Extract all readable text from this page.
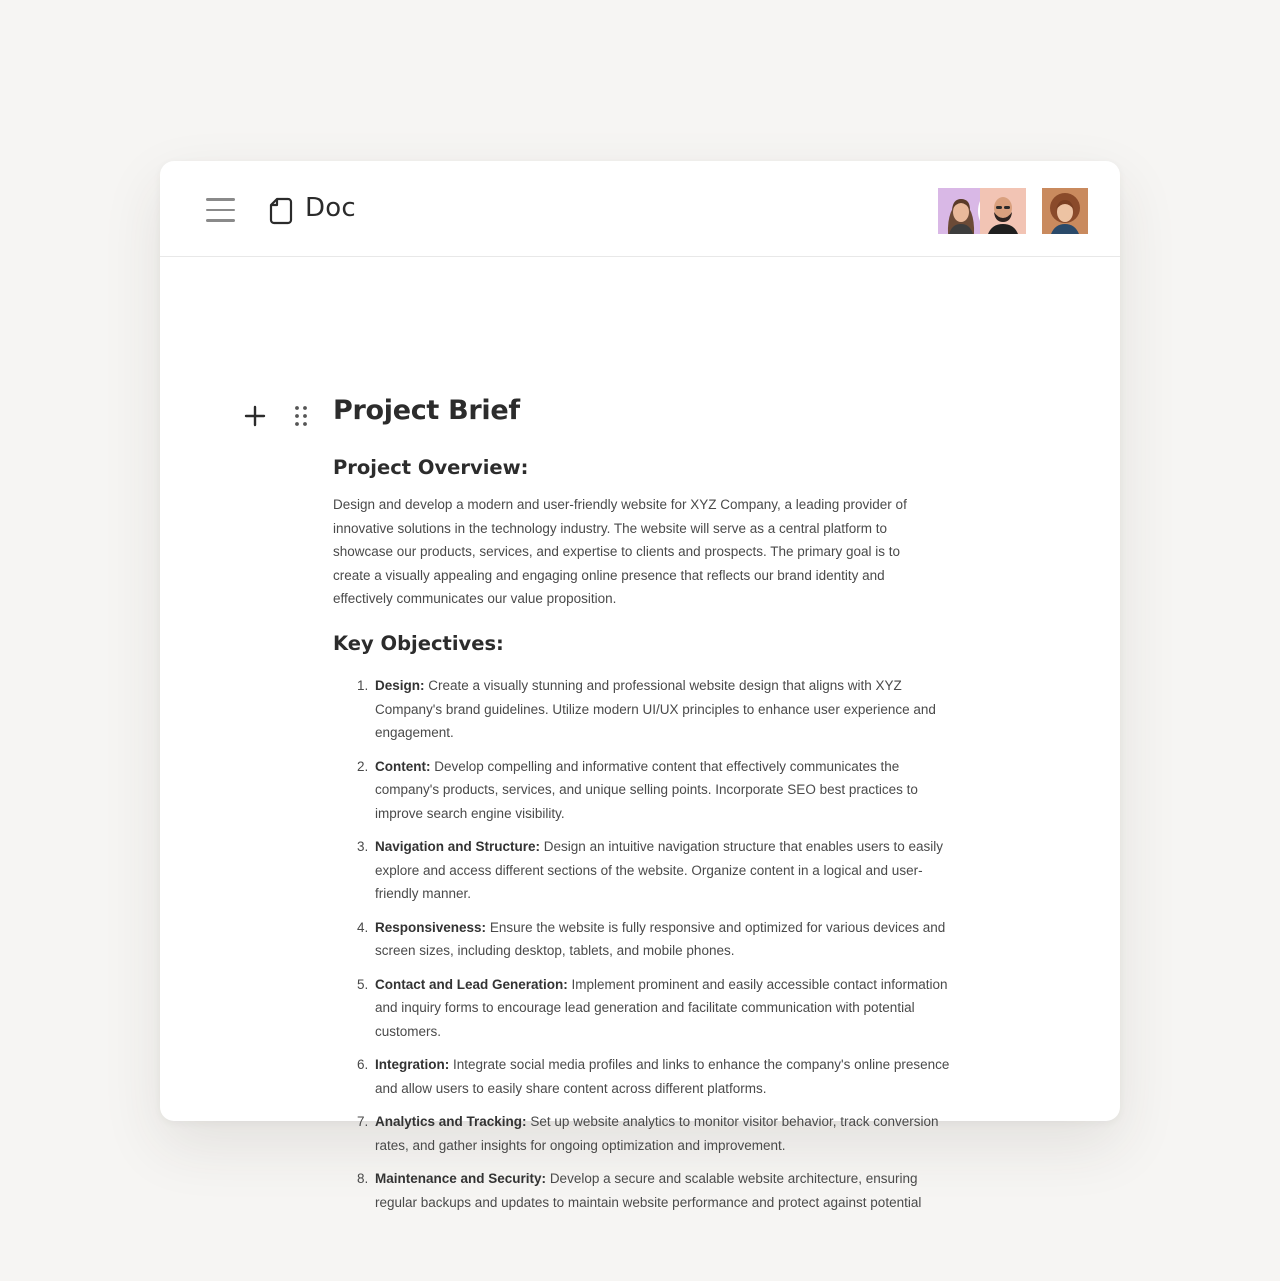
Doc
Project Brief
Project Overview:

Design and develop a modern and user-friendly website for XYZ Company, a leading provider of innovative solutions in the technology industry. The website will serve as a central platform to showcase our products, services, and expertise to clients and prospects. The primary goal is to create a visually appealing and engaging online presence that reflects our brand identity and effectively communicates our value proposition.

Key Objectives:
1. Design: Create a visually stunning and professional website design that aligns with XYZ Company's brand guidelines. Utilize modern UI/UX principles to enhance user experience and engagement.
2. Content: Develop compelling and informative content that effectively communicates the company's products, services, and unique selling points. Incorporate SEO best practices to improve search engine visibility.
3. Navigation and Structure: Design an intuitive navigation structure that enables users to easily explore and access different sections of the website. Organize content in a logical and user-friendly manner.
4. Responsiveness: Ensure the website is fully responsive and optimized for various devices and screen sizes, including desktop, tablets, and mobile phones.
5. Contact and Lead Generation: Implement prominent and easily accessible contact information and inquiry forms to encourage lead generation and facilitate communication with potential customers.
6. Integration: Integrate social media profiles and links to enhance the company's online presence and allow users to easily share content across different platforms.
7. Analytics and Tracking: Set up website analytics to monitor visitor behavior, track conversion rates, and gather insights for ongoing optimization and improvement.
8. Maintenance and Security: Develop a secure and scalable website architecture, ensuring regular backups and updates to maintain website performance and protect against potential
